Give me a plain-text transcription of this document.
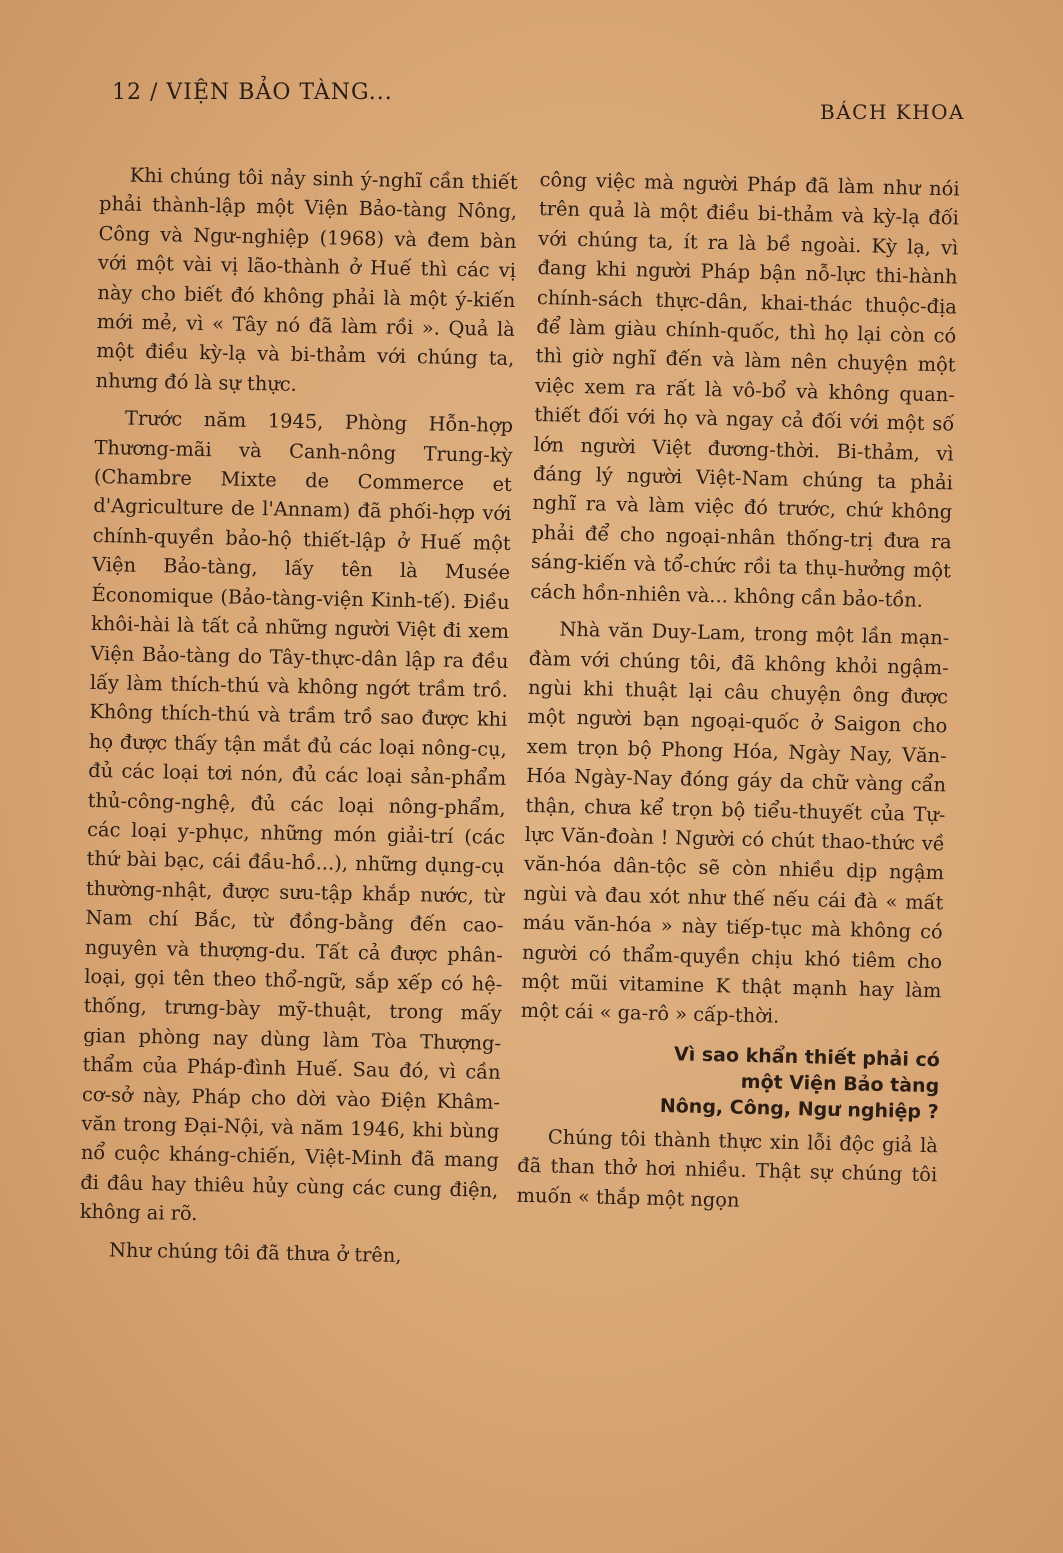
12 / VIỆN BẢO TÀNG...
BÁCH KHOA

Khi chúng tôi nảy sinh ý-nghĩ cần thiết phải thành-lập một Viện Bảo-tàng Nông, Công và Ngư-nghiệp (1968) và đem bàn với một vài vị lão-thành ở Huế thì các vị này cho biết đó không phải là một ý-kiến mới mẻ, vì « Tây nó đã làm rồi ». Quả là một điều kỳ-lạ và bi-thảm với chúng ta, nhưng đó là sự thực.

Trước năm 1945, Phòng Hỗn-hợp Thương-mãi và Canh-nông Trung-kỳ (Chambre Mixte de Commerce et d'Agriculture de l'Annam) đã phối-hợp với chính-quyền bảo-hộ thiết-lập ở Huế một Viện Bảo-tàng, lấy tên là Musée Économique (Bảo-tàng-viện Kinh-tế). Điều khôi-hài là tất cả những người Việt đi xem Viện Bảo-tàng do Tây-thực-dân lập ra đều lấy làm thích-thú và không ngớt trầm trồ. Không thích-thú và trầm trồ sao được khi họ được thấy tận mắt đủ các loại nông-cụ, đủ các loại tơi nón, đủ các loại sản-phẩm thủ-công-nghệ, đủ các loại nông-phẩm, các loại y-phục, những món giải-trí (các thứ bài bạc, cái đầu-hồ...), những dụng-cụ thường-nhật, được sưu-tập khắp nước, từ Nam chí Bắc, từ đồng-bằng đến cao-nguyên và thượng-du. Tất cả được phân-loại, gọi tên theo thổ-ngữ, sắp xếp có hệ-thống, trưng-bày mỹ-thuật, trong mấy gian phòng nay dùng làm Tòa Thượng-thẩm của Pháp-đình Huế. Sau đó, vì cần cơ-sở này, Pháp cho dời vào Điện Khâm-văn trong Đại-Nội, và năm 1946, khi bùng nổ cuộc kháng-chiến, Việt-Minh đã mang đi đâu hay thiêu hủy cùng các cung điện, không ai rõ.

Như chúng tôi đã thưa ở trên,

công việc mà người Pháp đã làm như nói trên quả là một điều bi-thảm và kỳ-lạ đối với chúng ta, ít ra là bề ngoài. Kỳ lạ, vì đang khi người Pháp bận nỗ-lực thi-hành chính-sách thực-dân, khai-thác thuộc-địa để làm giàu chính-quốc, thì họ lại còn có thì giờ nghĩ đến và làm nên chuyện một việc xem ra rất là vô-bổ và không quan-thiết đối với họ và ngay cả đối với một số lớn người Việt đương-thời. Bi-thảm, vì đáng lý người Việt-Nam chúng ta phải nghĩ ra và làm việc đó trước, chứ không phải để cho ngoại-nhân thống-trị đưa ra sáng-kiến và tổ-chức rồi ta thụ-hưởng một cách hồn-nhiên và... không cần bảo-tồn.

Nhà văn Duy-Lam, trong một lần mạn-đàm với chúng tôi, đã không khỏi ngậm-ngùi khi thuật lại câu chuyện ông được một người bạn ngoại-quốc ở Saigon cho xem trọn bộ Phong Hóa, Ngày Nay, Văn-Hóa Ngày-Nay đóng gáy da chữ vàng cẩn thận, chưa kể trọn bộ tiểu-thuyết của Tự-lực Văn-đoàn ! Người có chút thao-thức về văn-hóa dân-tộc sẽ còn nhiều dịp ngậm ngùi và đau xót như thế nếu cái đà « mất máu văn-hóa » này tiếp-tục mà không có người có thẩm-quyền chịu khó tiêm cho một mũi vitamine K thật mạnh hay làm một cái « ga-rô » cấp-thời.

Vì sao khẩn thiết phải có
một Viện Bảo tàng
Nông, Công, Ngư nghiệp ?

Chúng tôi thành thực xin lỗi độc giả là đã than thở hơi nhiều. Thật sự chúng tôi muốn « thắp một ngọn
